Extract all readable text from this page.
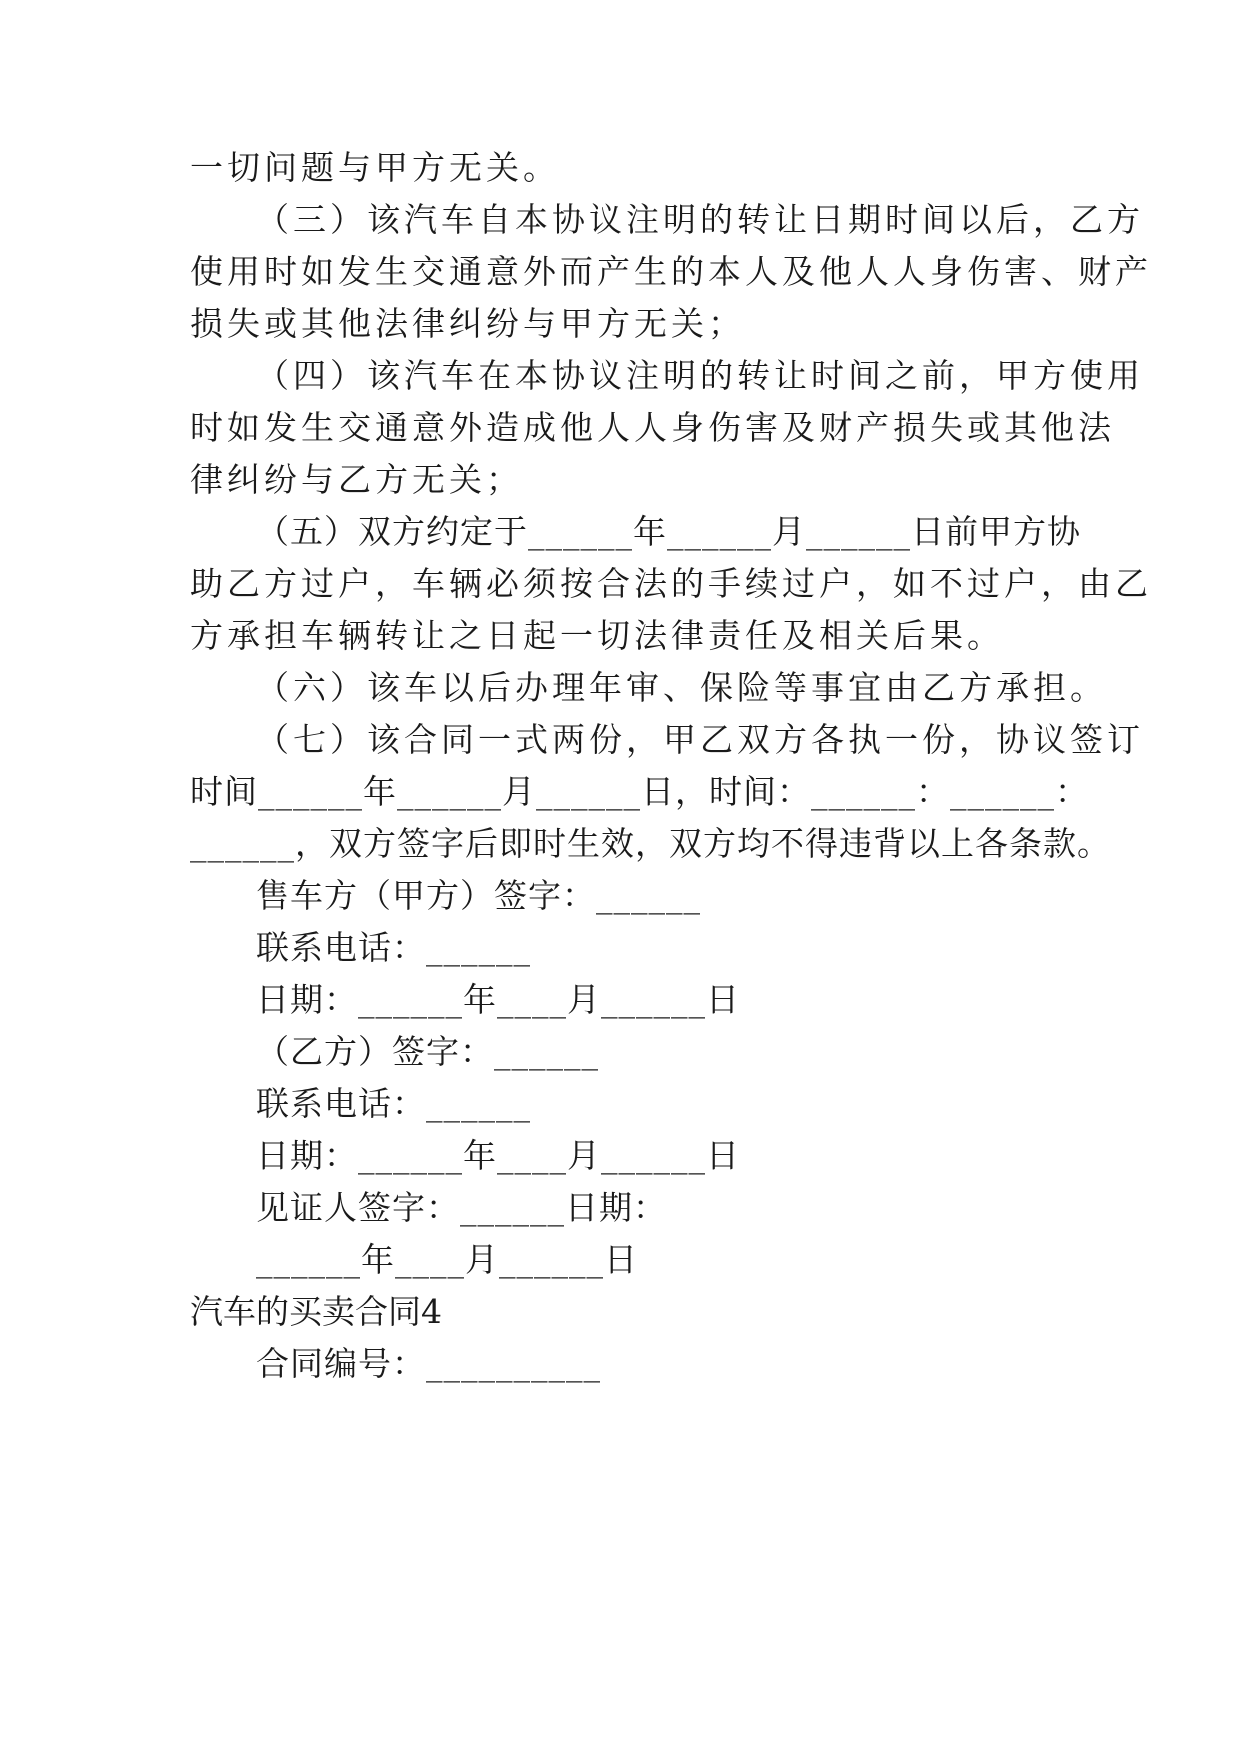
一切问题与甲方无关。
（三）该汽车自本协议注明的转让日期时间以后，乙方
使用时如发生交通意外而产生的本人及他人人身伤害、财产
损失或其他法律纠纷与甲方无关；
（四）该汽车在本协议注明的转让时间之前，甲方使用
时如发生交通意外造成他人人身伤害及财产损失或其他法
律纠纷与乙方无关；
（五）双方约定于______年______月______日前甲方协
助乙方过户，车辆必须按合法的手续过户，如不过户，由乙
方承担车辆转让之日起一切法律责任及相关后果。
（六）该车以后办理年审、保险等事宜由乙方承担。
（七）该合同一式两份，甲乙双方各执一份，协议签订
时间______年______月______日，时间：______：______：
______，双方签字后即时生效，双方均不得违背以上各条款。
售车方（甲方）签字：______
联系电话：______
日期：______年____月______日
（乙方）签字：______
联系电话：______
日期：______年____月______日
见证人签字：______日期：
______年____月______日
汽车的买卖合同4
合同编号：__________
